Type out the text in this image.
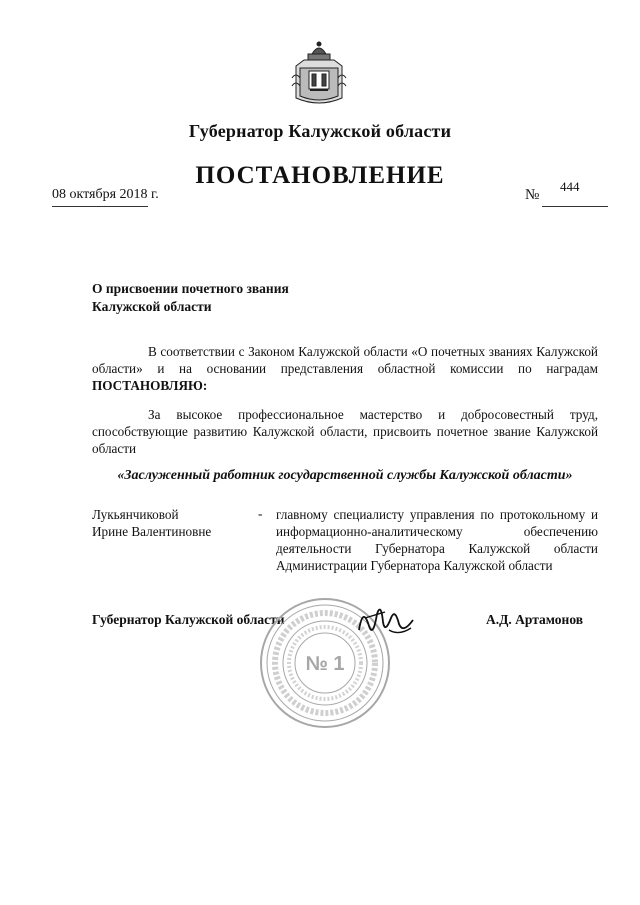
Губернатор Калужской области
ПОСТАНОВЛЕНИЕ
08 октября 2018 г.	№
444
О присвоении почетного звания
Калужской области

В соответствии с Законом Калужской области «О почетных званиях Калужской области» и на основании представления областной комиссии по наградам ПОСТАНОВЛЯЮ:

За высокое профессиональное мастерство и добросовестный труд, способствующие развитию Калужской области, присвоить почетное звание Калужской области

«Заслуженный работник государственной службы Калужской области»
Лукьянчиковой
Ирине Валентиновне
- главному специалисту управления по протокольному и информационно-аналитическому обеспечению деятельности Губернатора Калужской области
Администрации Губернатора Калужской области
Губернатор Калужской области	А.Д. Артамонов
№ 1
